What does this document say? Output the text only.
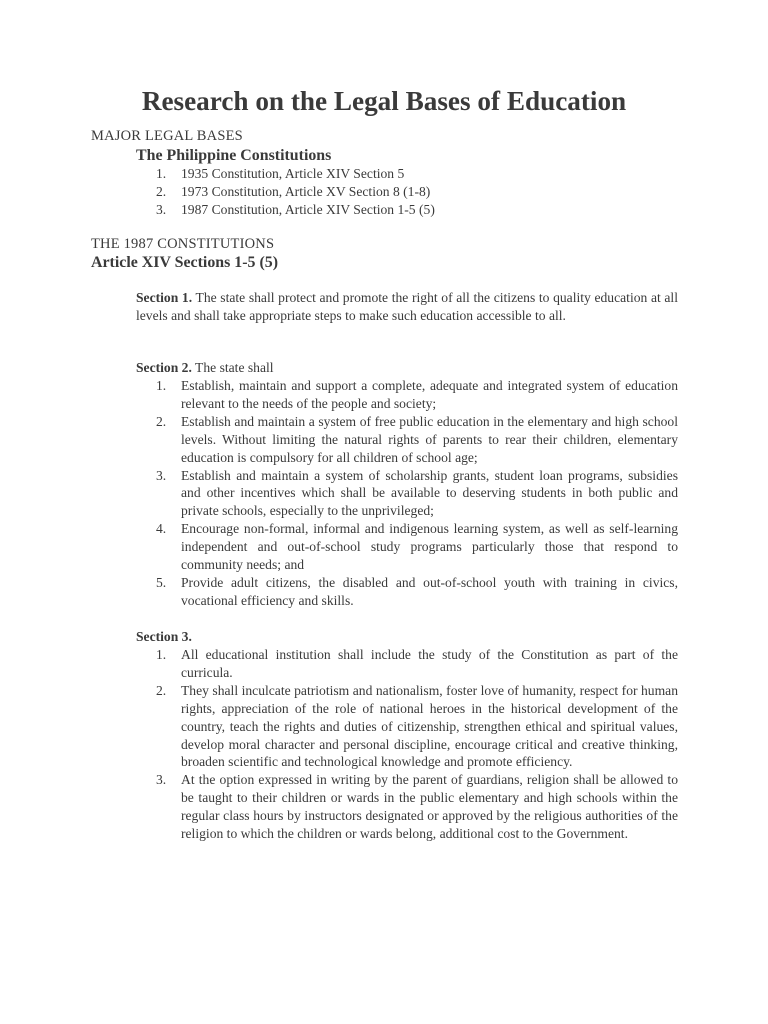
Research on the Legal Bases of Education
MAJOR LEGAL BASES
The Philippine Constitutions
1. 1935 Constitution, Article XIV Section 5
2. 1973 Constitution, Article XV Section 8 (1-8)
3. 1987 Constitution, Article XIV Section 1-5 (5)
THE 1987 CONSTITUTIONS
Article XIV Sections 1-5 (5)

Section 1. The state shall protect and promote the right of all the citizens to quality education at all levels and shall take appropriate steps to make such education accessible to all.

Section 2. The state shall

1. Establish, maintain and support a complete, adequate and integrated system of education relevant to the needs of the people and society;
2. Establish and maintain a system of free public education in the elementary and high school levels. Without limiting the natural rights of parents to rear their children, elementary education is compulsory for all children of school age;
3. Establish and maintain a system of scholarship grants, student loan programs, subsidies and other incentives which shall be available to deserving students in both public and private schools, especially to the unprivileged;
4. Encourage non-formal, informal and indigenous learning system, as well as self-learning independent and out-of-school study programs particularly those that respond to community needs; and
5. Provide adult citizens, the disabled and out-of-school youth with training in civics, vocational efficiency and skills.

Section 3.

1. All educational institution shall include the study of the Constitution as part of the curricula.
2. They shall inculcate patriotism and nationalism, foster love of humanity, respect for human rights, appreciation of the role of national heroes in the historical development of the country, teach the rights and duties of citizenship, strengthen ethical and spiritual values, develop moral character and personal discipline, encourage critical and creative thinking, broaden scientific and technological knowledge and promote efficiency.
3. At the option expressed in writing by the parent of guardians, religion shall be allowed to be taught to their children or wards in the public elementary and high schools within the regular class hours by instructors designated or approved by the religious authorities of the religion to which the children or wards belong, additional cost to the Government.
